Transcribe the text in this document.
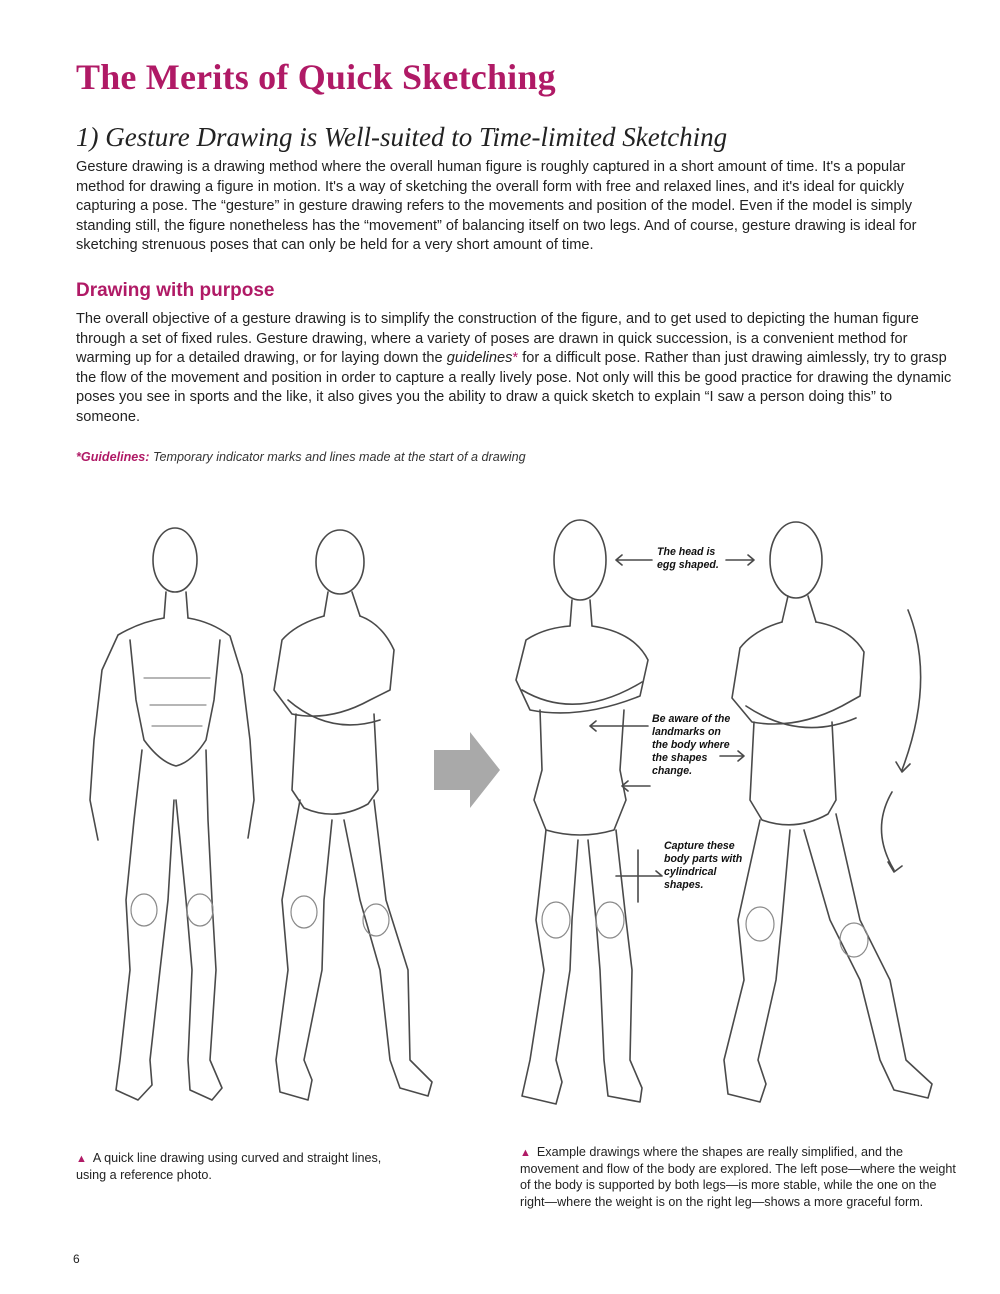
The Merits of Quick Sketching
1) Gesture Drawing is Well-suited to Time-limited Sketching

Gesture drawing is a drawing method where the overall human figure is roughly captured in a short amount of time. It's a popular method for drawing a figure in motion. It's a way of sketching the overall form with free and relaxed lines, and it's ideal for quickly capturing a pose. The “gesture” in gesture drawing refers to the movements and position of the model. Even if the model is simply standing still, the figure nonetheless has the “movement” of balancing itself on two legs. And of course, gesture drawing is ideal for sketching strenuous poses that can only be held for a very short amount of time.

Drawing with purpose

The overall objective of a gesture drawing is to simplify the construction of the figure, and to get used to depicting the human figure through a set of fixed rules. Gesture drawing, where a variety of poses are drawn in quick succession, is a convenient method for warming up for a detailed drawing, or for laying down the guidelines* for a difficult pose. Rather than just drawing aimlessly, try to grasp the flow of the movement and position in order to capture a really lively pose. Not only will this be good practice for drawing the dynamic poses you see in sports and the like, it also gives you the ability to draw a quick sketch to explain “I saw a person doing this” to someone.

*Guidelines: Temporary indicator marks and lines made at the start of a drawing

The head is egg shaped.

Be aware of the landmarks on the body where the shapes change.

Capture these body parts with cylindrical shapes.

▲ A quick line drawing using curved and straight lines, using a reference photo.

▲ Example drawings where the shapes are really simplified, and the movement and flow of the body are explored. The left pose—where the weight of the body is supported by both legs—is more stable, while the one on the right—where the weight is on the right leg—shows a more graceful form.

6
